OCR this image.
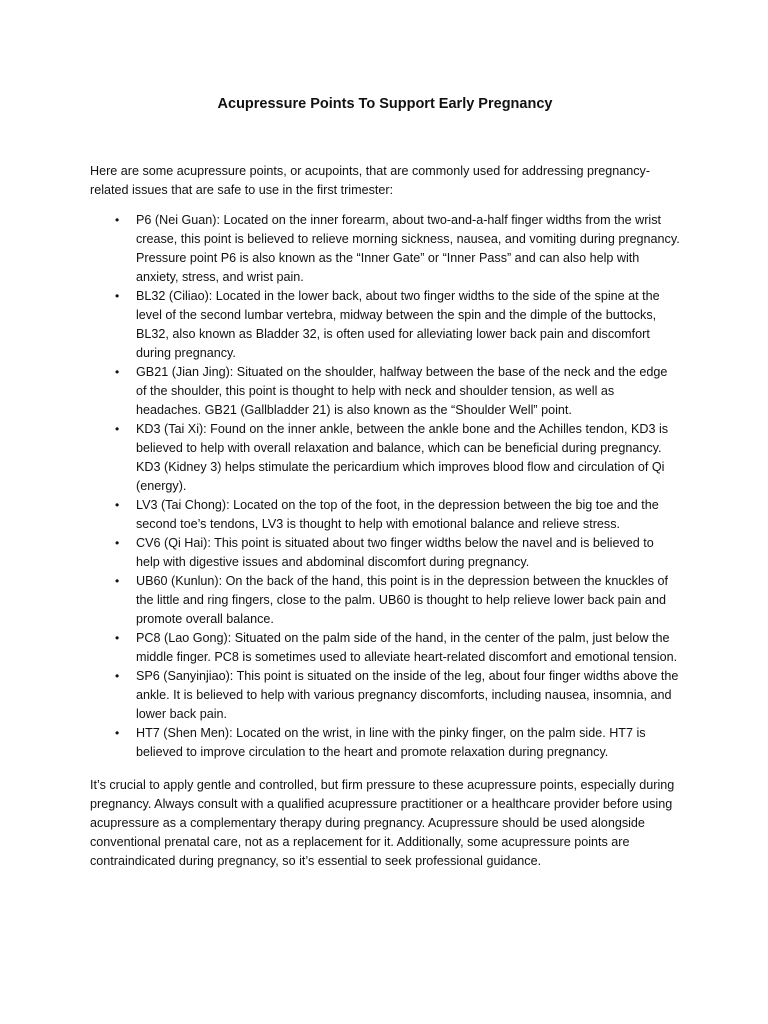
Acupressure Points To Support Early Pregnancy

Here are some acupressure points, or acupoints, that are commonly used for addressing pregnancy-related issues that are safe to use in the first trimester:

• P6 (Nei Guan): Located on the inner forearm, about two-and-a-half finger widths from the wrist crease, this point is believed to relieve morning sickness, nausea, and vomiting during pregnancy. Pressure point P6 is also known as the “Inner Gate” or “Inner Pass” and can also help with anxiety, stress, and wrist pain.
• BL32 (Ciliao): Located in the lower back, about two finger widths to the side of the spine at the level of the second lumbar vertebra, midway between the spin and the dimple of the buttocks, BL32, also known as Bladder 32, is often used for alleviating lower back pain and discomfort during pregnancy.
• GB21 (Jian Jing): Situated on the shoulder, halfway between the base of the neck and the edge of the shoulder, this point is thought to help with neck and shoulder tension, as well as headaches. GB21 (Gallbladder 21) is also known as the “Shoulder Well” point.
• KD3 (Tai Xi): Found on the inner ankle, between the ankle bone and the Achilles tendon, KD3 is believed to help with overall relaxation and balance, which can be beneficial during pregnancy. KD3 (Kidney 3) helps stimulate the pericardium which improves blood flow and circulation of Qi (energy).
• LV3 (Tai Chong): Located on the top of the foot, in the depression between the big toe and the second toe’s tendons, LV3 is thought to help with emotional balance and relieve stress.
• CV6 (Qi Hai): This point is situated about two finger widths below the navel and is believed to help with digestive issues and abdominal discomfort during pregnancy.
• UB60 (Kunlun): On the back of the hand, this point is in the depression between the knuckles of the little and ring fingers, close to the palm. UB60 is thought to help relieve lower back pain and promote overall balance.
• PC8 (Lao Gong): Situated on the palm side of the hand, in the center of the palm, just below the middle finger. PC8 is sometimes used to alleviate heart-related discomfort and emotional tension.
• SP6 (Sanyinjiao): This point is situated on the inside of the leg, about four finger widths above the ankle. It is believed to help with various pregnancy discomforts, including nausea, insomnia, and lower back pain.
• HT7 (Shen Men): Located on the wrist, in line with the pinky finger, on the palm side. HT7 is believed to improve circulation to the heart and promote relaxation during pregnancy.

It’s crucial to apply gentle and controlled, but firm pressure to these acupressure points, especially during pregnancy. Always consult with a qualified acupressure practitioner or a healthcare provider before using acupressure as a complementary therapy during pregnancy. Acupressure should be used alongside conventional prenatal care, not as a replacement for it. Additionally, some acupressure points are contraindicated during pregnancy, so it’s essential to seek professional guidance.
